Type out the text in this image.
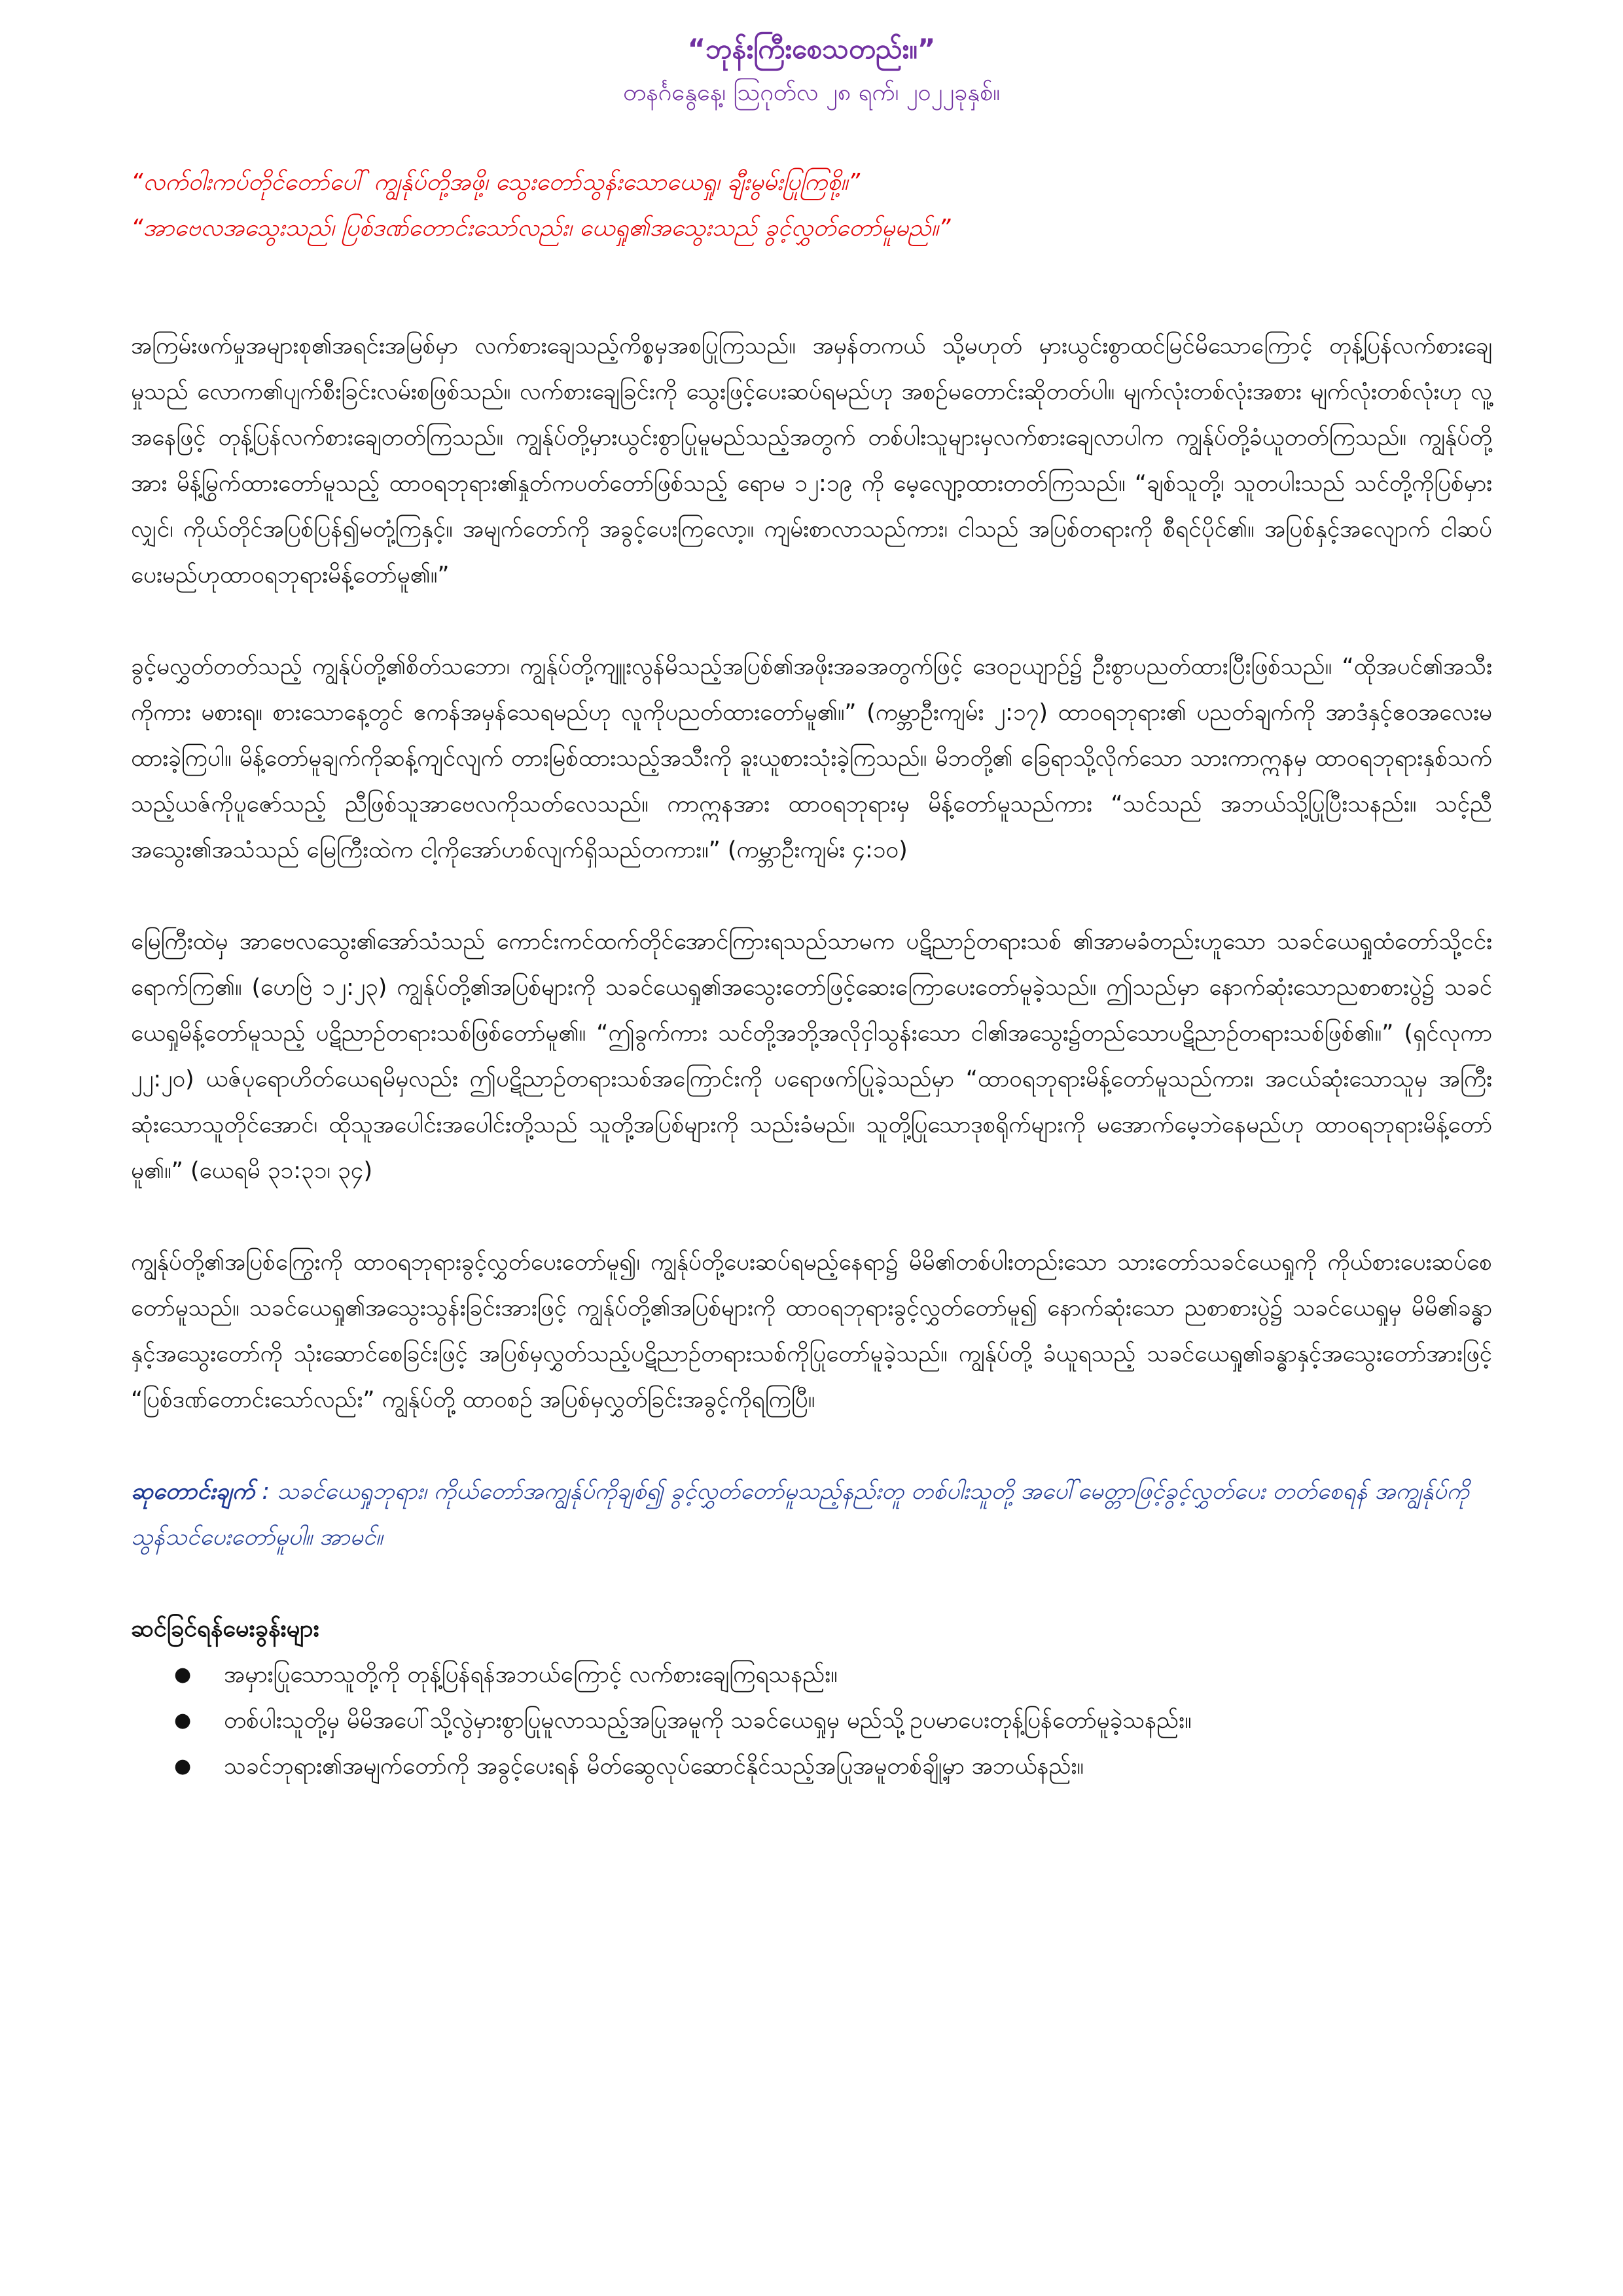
“ဘုန်းကြီးစေသတည်း။”

တနင်္ဂနွေနေ့၊ ဩဂုတ်လ ၂၈ ရက်၊ ၂၀၂၂ခုနှစ်။

“လက်ဝါးကပ်တိုင်တော်ပေါ် ကျွန်ုပ်တို့အဖို့၊ သွေးတော်သွန်းသောယေရှု၊ ချီးမွမ်းပြုကြစို့။”

“အာဗေလအသွေးသည်၊ ပြစ်ဒဏ်တောင်းသော်လည်း၊ ယေရှု၏အသွေးသည် ခွင့်လွှတ်တော်မူမည်။”

အကြမ်းဖက်မှုအများစု၏အရင်းအမြစ်မှာ လက်စားချေသည့်ကိစ္စမှအစပြုကြသည်။ အမှန်တကယ် သို့မဟုတ် မှားယွင်းစွာထင်မြင်မိသောကြောင့် တုန့်ပြန်လက်စားချေမှုသည် လောက၏ပျက်စီးခြင်းလမ်းစဖြစ်သည်။ လက်စားချေခြင်းကို သွေးဖြင့်ပေးဆပ်ရမည်ဟု အစဉ်မတောင်းဆိုတတ်ပါ။ မျက်လုံးတစ်လုံးအစား မျက်လုံးတစ်လုံးဟု လူ့အနေဖြင့် တုန့်ပြန်လက်စားချေတတ်ကြသည်။ ကျွန်ုပ်တို့မှားယွင်းစွာပြုမူမည်သည့်အတွက် တစ်ပါးသူများမှလက်စားချေလာပါက ကျွန်ုပ်တို့ခံယူတတ်ကြသည်။ ကျွန်ုပ်တို့အား မိန့်မြွက်ထားတော်မူသည့် ထာဝရဘုရား၏နှုတ်ကပတ်တော်ဖြစ်သည့် ရောမ ၁၂:၁၉ ကို မေ့လျော့ထားတတ်ကြသည်။ “ချစ်သူတို့၊ သူတပါးသည် သင်တို့ကိုပြစ်မှားလျှင်၊ ကိုယ်တိုင်အပြစ်ပြန်၍မတုံ့ကြနှင့်။ အမျက်တော်ကို အခွင့်ပေးကြလော့။ ကျမ်းစာလာသည်ကား၊ ငါသည် အပြစ်တရားကို စီရင်ပိုင်၏။ အပြစ်နှင့်အလျောက် ငါဆပ်ပေးမည်ဟုထာဝရဘုရားမိန့်တော်မူ၏။”

ခွင့်မလွှတ်တတ်သည့် ကျွန်ုပ်တို့၏စိတ်သဘော၊ ကျွန်ုပ်တို့ကျူးလွန်မိသည့်အပြစ်၏အဖိုးအခအတွက်ဖြင့် ဒေဝဥယျာဉ်၌ ဦးစွာပညတ်ထားပြီးဖြစ်သည်။ “ထိုအပင်၏အသီးကိုကား မစားရ။ စားသောနေ့တွင် ဧကန်အမှန်သေရမည်ဟု လူကိုပညတ်ထားတော်မူ၏။” (ကမ္ဘာဦးကျမ်း ၂:၁၇) ထာဝရဘုရား၏ ပညတ်ချက်ကို အာဒံနှင့်ဧဝအလေးမထားခဲ့ကြပါ။ မိန့်တော်မူချက်ကိုဆန့်ကျင်လျက် တားမြစ်ထားသည့်အသီးကို ခူးယူစားသုံးခဲ့ကြသည်။ မိဘတို့၏ ခြေရာသို့လိုက်သော သားကာဣနမှ ထာဝရဘုရားနှစ်သက်သည့်ယဇ်ကိုပူဇော်သည့် ညီဖြစ်သူအာဗေလကိုသတ်လေသည်။ ကာဣနအား ထာဝရဘုရားမှ မိန့်တော်မူသည်ကား “သင်သည် အဘယ်သို့ပြုပြီးသနည်း။ သင့်ညီအသွေး၏အသံသည် မြေကြီးထဲက ငါ့ကိုအော်ဟစ်လျက်ရှိသည်တကား။” (ကမ္ဘာဦးကျမ်း ၄:၁၀)

မြေကြီးထဲမှ အာဗေလသွေး၏အော်သံသည် ကောင်းကင်ထက်တိုင်အောင်ကြားရသည်သာမက ပဋိညာဉ်တရားသစ် ၏အာမခံတည်းဟူသော သခင်ယေရှုထံတော်သို့ငင်း ရောက်ကြ၏။ (ဟေဗြဲ ၁၂:၂၃) ကျွန်ုပ်တို့၏အပြစ်များကို သခင်ယေရှု၏အသွေးတော်ဖြင့်ဆေးကြောပေးတော်မူခဲ့သည်။ ဤသည်မှာ နောက်ဆုံးသောညစာစားပွဲ၌ သခင်ယေရှုမိန့်တော်မူသည့် ပဋိညာဉ်တရားသစ်ဖြစ်တော်မူ၏။ “ဤခွက်ကား သင်တို့အဘို့အလိုငှါသွန်းသော ငါ၏အသွေး၌တည်သောပဋိညာဉ်တရားသစ်ဖြစ်၏။” (ရှင်လုကာ ၂၂:၂၀) ယဇ်ပုရောဟိတ်ယေရမိမှလည်း ဤပဋိညာဉ်တရားသစ်အကြောင်းကို ပရောဖက်ပြုခဲ့သည်မှာ “ထာဝရဘုရားမိန့်တော်မူသည်ကား၊ အငယ်ဆုံးသောသူမှ အကြီးဆုံးသောသူတိုင်အောင်၊ ထိုသူအပေါင်းအပေါင်းတို့သည် သူတို့အပြစ်များကို သည်းခံမည်။ သူတို့ပြုသောဒုစရိုက်များကို မအောက်မေ့ဘဲနေမည်ဟု ထာဝရဘုရားမိန့်တော်မူ၏။” (ယေရမိ ၃၁:၃၁၊ ၃၄)

ကျွန်ုပ်တို့၏အပြစ်ကြွေးကို ထာဝရဘုရားခွင့်လွှတ်ပေးတော်မူ၍၊ ကျွန်ုပ်တို့ပေးဆပ်ရမည့်နေရာ၌ မိမိ၏တစ်ပါးတည်းသော သားတော်သခင်ယေရှုကို ကိုယ်စားပေးဆပ်စေတော်မူသည်။ သခင်ယေရှု၏အသွေးသွန်းခြင်းအားဖြင့် ကျွန်ုပ်တို့၏အပြစ်များကို ထာဝရဘုရားခွင့်လွှတ်တော်မူ၍ နောက်ဆုံးသော ညစာစားပွဲ၌ သခင်ယေရှုမှ မိမိ၏ခန္ဓာနှင့်အသွေးတော်ကို သုံးဆောင်စေခြင်းဖြင့် အပြစ်မှလွှတ်သည့်ပဋိညာဉ်တရားသစ်ကိုပြုတော်မူခဲ့သည်။ ကျွန်ုပ်တို့ ခံယူရသည့် သခင်ယေရှု၏ခန္ဓာနှင့်အသွေးတော်အားဖြင့် “ပြစ်ဒဏ်တောင်းသော်လည်း” ကျွန်ုပ်တို့ ထာဝစဉ် အပြစ်မှလွှတ်ခြင်းအခွင့်ကိုရကြပြီ။

ဆုတောင်းချက် : သခင်ယေရှုဘုရား၊ ကိုယ်တော်အကျွန်ုပ်ကိုချစ်၍ ခွင့်လွှတ်တော်မူသည့်နည်းတူ တစ်ပါးသူတို့ အပေါ်မေတ္တာဖြင့်ခွင့်လွှတ်ပေး တတ်စေရန် အကျွန်ုပ်ကိုသွန်သင်ပေးတော်မူပါ။ အာမင်။

ဆင်ခြင်ရန်မေးခွန်းများ

● အမှားပြုသောသူတို့ကို တုန့်ပြန်ရန်အဘယ်ကြောင့် လက်စားချေကြရသနည်း။
● တစ်ပါးသူတို့မှ မိမိအပေါ်သို့လွဲမှားစွာပြုမူလာသည့်အပြုအမူကို သခင်ယေရှုမှ မည်သို့ဥပမာပေးတုန့်ပြန်တော်မူခဲ့သနည်း။
● သခင်ဘုရား၏အမျက်တော်ကို အခွင့်ပေးရန် မိတ်ဆွေလုပ်ဆောင်နိုင်သည့်အပြုအမူတစ်ချို့မှာ အဘယ်နည်း။
